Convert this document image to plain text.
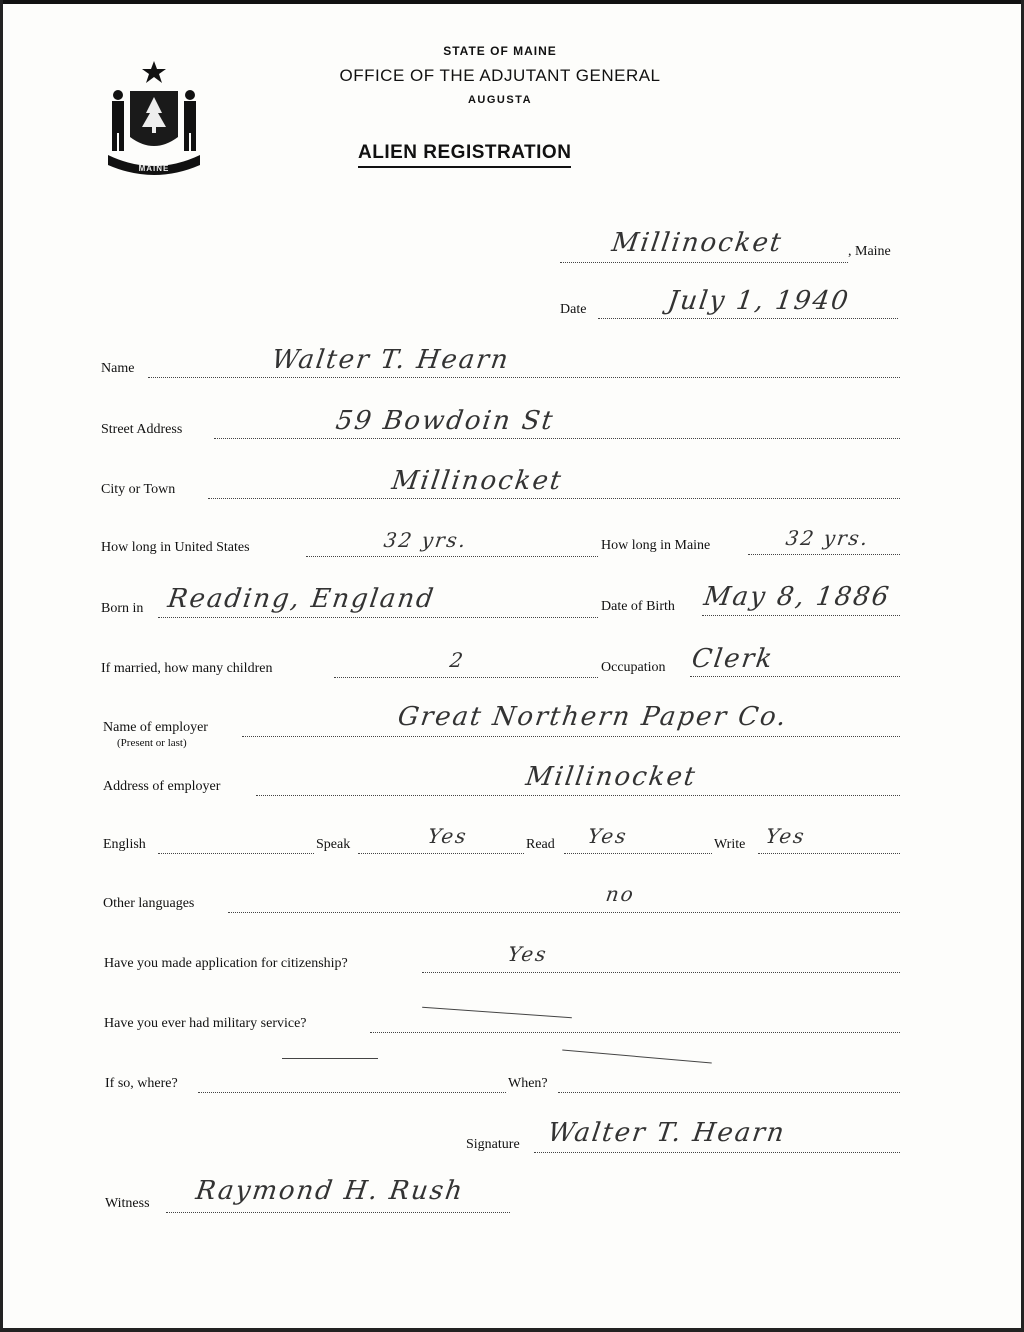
MAINE
STATE OF MAINE
OFFICE OF THE ADJUTANT GENERAL
AUGUSTA
ALIEN REGISTRATION
Millinocket	, Maine
Date	July 1, 1940
Name	Walter T. Hearn
Street Address	59 Bowdoin St
City or Town	Millinocket
How long in United States	32 yrs.	How long in Maine	32 yrs.
Born in Reading, England	Date of Birth May 8, 1886
If married, how many children	2	Occupation Clerk
Name of employer
(Present or last)
Great Northern Paper Co.
Address of employer	Millinocket
English	Speak	Yes	Read Yes	Write Yes
Other languages	no
Have you made application for citizenship?	Yes
Have you ever had military service?
If so, where?	When?
Signature Walter T. Hearn
Witness Raymond H. Rush
